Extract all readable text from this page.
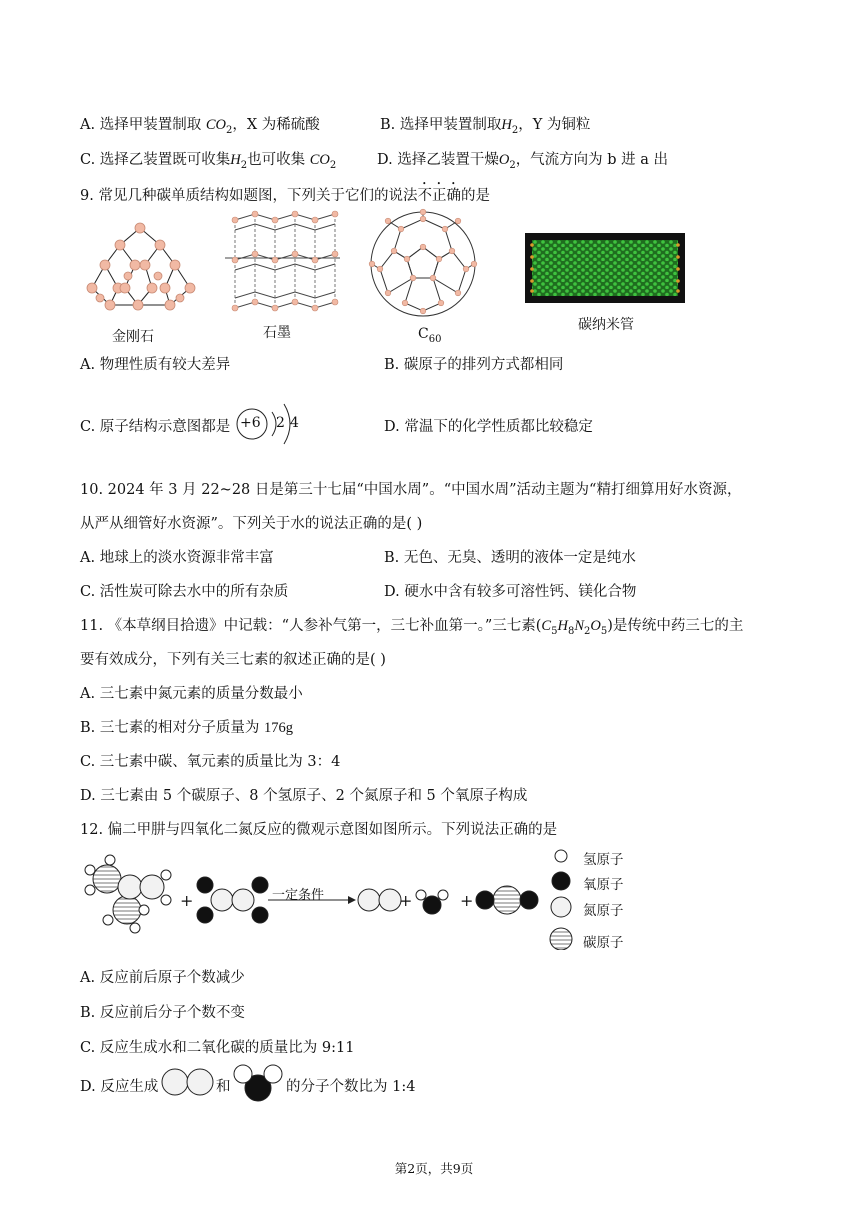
A. 选择甲装置制取 $CO_2$，X 为稀硫酸	B. 选择甲装置制取$H_2$，Y 为铜粒
C. 选择乙装置既可收集$H_2$也可收集 $CO_2$	D. 选择乙装置干燥$O_2$，气流方向为 b 进 a 出
9. 常见几种碳单质结构如题图，下列关于它们的说法不正确的是
金刚石	石墨	$C_{60}$
碳纳米管
A. 物理性质有较大差异	B. 碳原子的排列方式都相同
C. 原子结构示意图都是 +6 2 4	D. 常温下的化学性质都比较稳定
10. 2024 年 3 月 22~28 日是第三十七届“中国水周”。“中国水周”活动主题为“精打细算用好水资源，
从严从细管好水资源”。下列关于水的说法正确的是( )
A. 地球上的淡水资源非常丰富	B. 无色、无臭、透明的液体一定是纯水
C. 活性炭可除去水中的所有杂质	D. 硬水中含有较多可溶性钙、镁化合物
11. 《本草纲目拾遗》中记载：“人参补气第一，三七补血第一。”三七素$(C_5H_8N_2O_5)$是传统中药三七的主
要有效成分，下列有关三七素的叙述正确的是( )
A. 三七素中氮元素的质量分数最小
B. 三七素的相对分子质量为 176g
C. 三七素中碳、氧元素的质量比为 3：4
D. 三七素由 5 个碳原子、8 个氢原子、2 个氮原子和 5 个氧原子构成
12. 偏二甲肼与四氧化二氮反应的微观示意图如图所示。下列说法正确的是
+	一定条件	+	+
氢原子
氧原子
氮原子
碳原子
A. 反应前后原子个数减少
B. 反应前后分子个数不变
C. 反应生成水和二氧化碳的质量比为 9:11
D. 反应生成	和	的分子个数比为 1:4
第2页，共9页
